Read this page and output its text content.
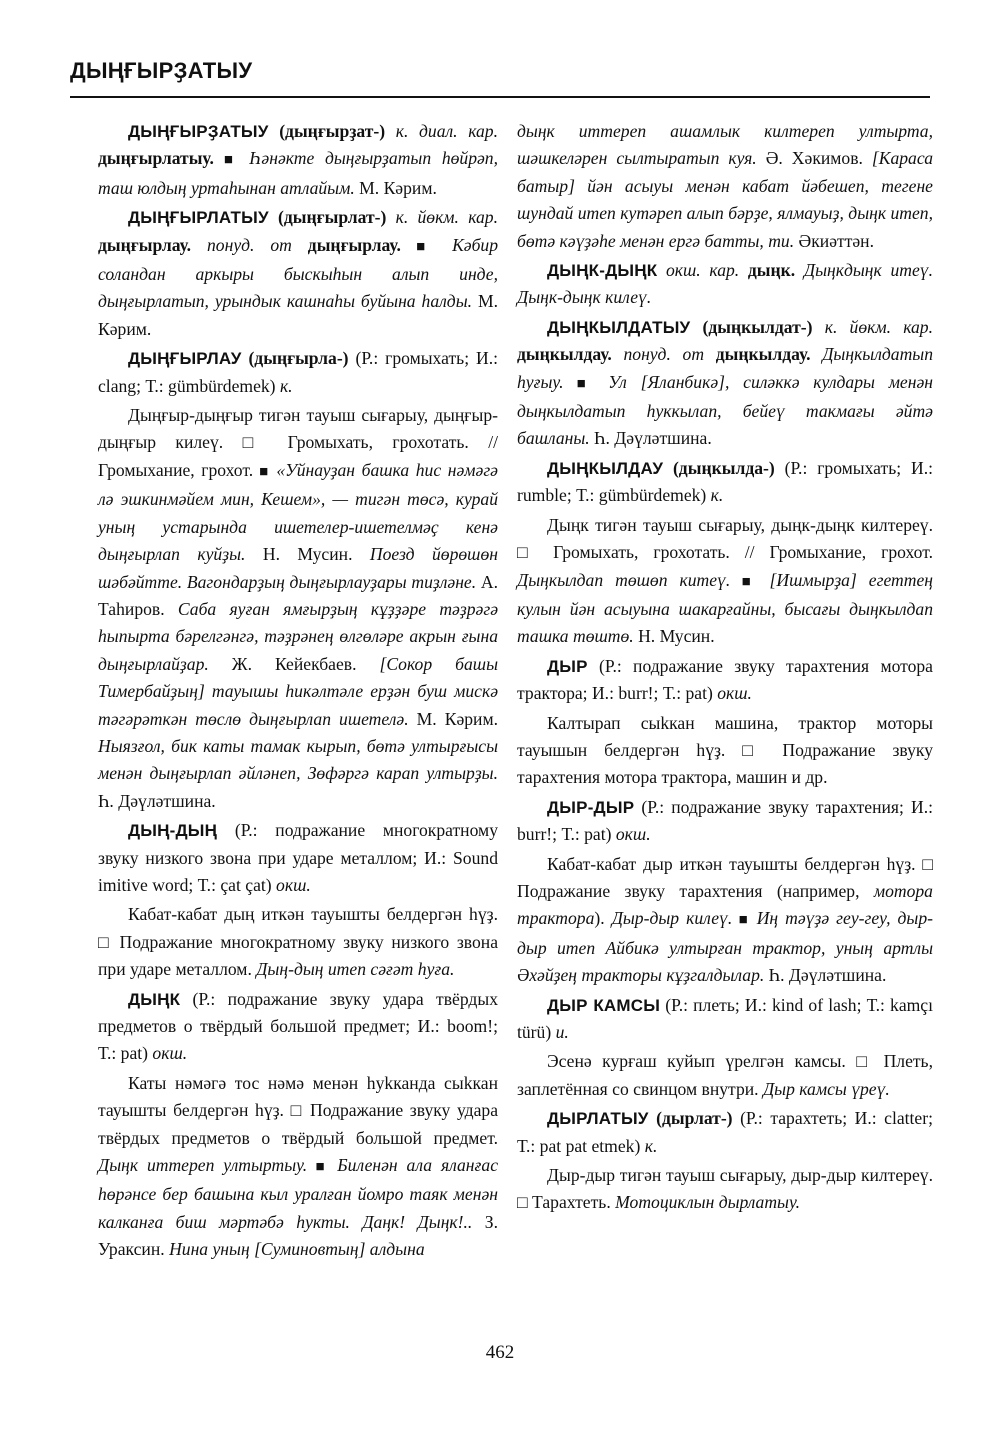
ДЫҢҒЫРҘАТЫУ

ДЫҢҒЫРҘАТЫУ (дыңғырҙат-) к. диал. кар. дыңғырлатыу. ■ Һәнәкте дыңғырҙатып һөйрәп, таш юлдың уртаһынан атлайым. М. Кәрим.

ДЫҢҒЫРЛАТЫУ (дыңғырлат-) к. йөкм. кар. дыңғырлау. понуд. от дыңғырлау. ■ Кәбир соландан аркыры быскыһын алып инде, дыңғырлатып, урындык кашнаһы буйына һалды. М. Кәрим.

ДЫҢҒЫРЛАУ (дыңғырла-) (Р.: громыхать; И.: clang; Т.: gümbürdemek) к.

Дыңғыр-дыңғыр тигән тауыш сығарыу, дыңғыр-дыңғыр килеү. □ Громыхать, грохотать. // Громыхание, грохот. ■ «Уйнауҙан башка һис нәмәгә лә эшкинмәйем мин, Кешем», — тигән төсә, курай уның устарында ишетелер-ишетелмәҫ кенә дыңғырлап куйҙы. Н. Мусин. Поезд йөрөшөн шәбәйтте. Вагондарҙың дыңғырлауҙары тиҙләне. А. Таһиров. Саба яуған ямғырҙың кұҙҙәре тәҙрәгә һыпырта бәрелгәнгә, тәҙрәнең өлгөләре акрын ғына дыңғырлайҙар. Ж. Кейекбаев. [Сокор башы Тимербайҙың] тауышы һикәлтәле ерҙән буш мискә тәгәрәткән төслө дыңғырлап ишетелә. М. Кәрим. Ныязғол, бик каты тамак кырып, бөтә ултырғысы менән дыңғырлап әйләнеп, Зөфәргә карап ултырҙы. Һ. Дәүләтшина.

ДЫҢ-ДЫҢ (Р.: подражание многократному звуку низкого звона при ударе металлом; И.: Sound imitive word; Т.: çat çat) окш.

Кабат-кабат дың иткән тауышты белдергән һүҙ. □ Подражание многократному звуку низкого звона при ударе металлом. Дың-дың итеп сәғәт һуға.

ДЫҢК (Р.: подражание звуку удара твёрдых предметов о твёрдый большой предмет; И.: boom!; Т.: pat) окш.

Каты нәмәгә тос нәмә менән һуkканда сыkкан тауышты белдергән һүҙ. □ Подражание звуку удара твёрдых предметов о твёрдый большой предмет. Дыңк иттереп ултыртыу. ■ Биленән ала яланғас һөрәнсе бер башына кыл уралған йомро таяк менән калканға биш мәртәбә һукты. Даңк! Дыңк!.. З. Ураксин. Нина уның [Суминовтың] алдына

дыңк иттереп ашамлык килтереп ултырта, шәшкеләрен сылтыратып куя. Ә. Хәкимов. [Караса батыр] йән асыуы менән кабат йәбешеп, тегене шундай итеп кутәреп алып бәрҙе, ялмауыҙ, дыңк итеп, бөтә кәүҙәһе менән ергә батты, ти. Әкиәттән.

ДЫҢК-ДЫҢК окш. кар. дыңк. Дыңкдыңк итеү. Дыңк-дыңк килеү.

ДЫҢКЫЛДАТЫУ (дыңкылдат-) к. йөкм. кар. дыңкылдау. понуд. от дыңкылдау. Дыңкылдатып һуғыу. ■ Ул [Яланбикә], силәккә кулдары менән дыңкылдатып һуккылап, бейеү такмағы әйтә башланы. Һ. Дәүләтшина.

ДЫҢКЫЛДАУ (дыңкылда-) (Р.: громыхать; И.: rumble; Т.: gümbürdemek) к.

Дыңк тигән тауыш сығарыу, дыңк-дыңк килтереү. □ Громыхать, грохотать. // Громыхание, грохот. Дыңкылдап төшөп китеү. ■ [Ишмырҙа] егеттең кулын йән асыуына шакарғайны, бысағы дыңкылдап ташка төштө. Н. Мусин.

ДЫР (Р.: подражание звуку тарахтения мотора трактора; И.: burr!; Т.: pat) окш.

Калтырап сыkкан машина, трактор моторы тауышын белдергән һүҙ. □ Подражание звуку тарахтения мотора трактора, машин и др.

ДЫР-ДЫР (Р.: подражание звуку тарахтения; И.: burr!; Т.: pat) окш.

Кабат-кабат дыр иткән тауышты белдергән һүҙ. □ Подражание звуку тарахтения (например, мотора трактора). Дыр-дыр килеү. ■ Иң тәүҙә геу-геу, дыр-дыр итеп Айбикә ултырған трактор, уның артлы Әхәйҙең тракторы кұҙгалдылар. Һ. Дәүләтшина.

ДЫР КАМСЫ (Р.: плеть; И.: kind of lash; Т.: kamçı türü) и.

Эсенә курғаш куйып үрелгән камсы. □ Плеть, заплетённая со свинцом внутри. Дыр камсы үреү.

ДЫРЛАТЫУ (дырлат-) (Р.: тарахтеть; И.: clatter; Т.: pat pat etmek) к.

Дыр-дыр тигән тауыш сығарыу, дыр-дыр килтереү. □ Тарахтеть. Мотоциклын дырлатыу.

462
